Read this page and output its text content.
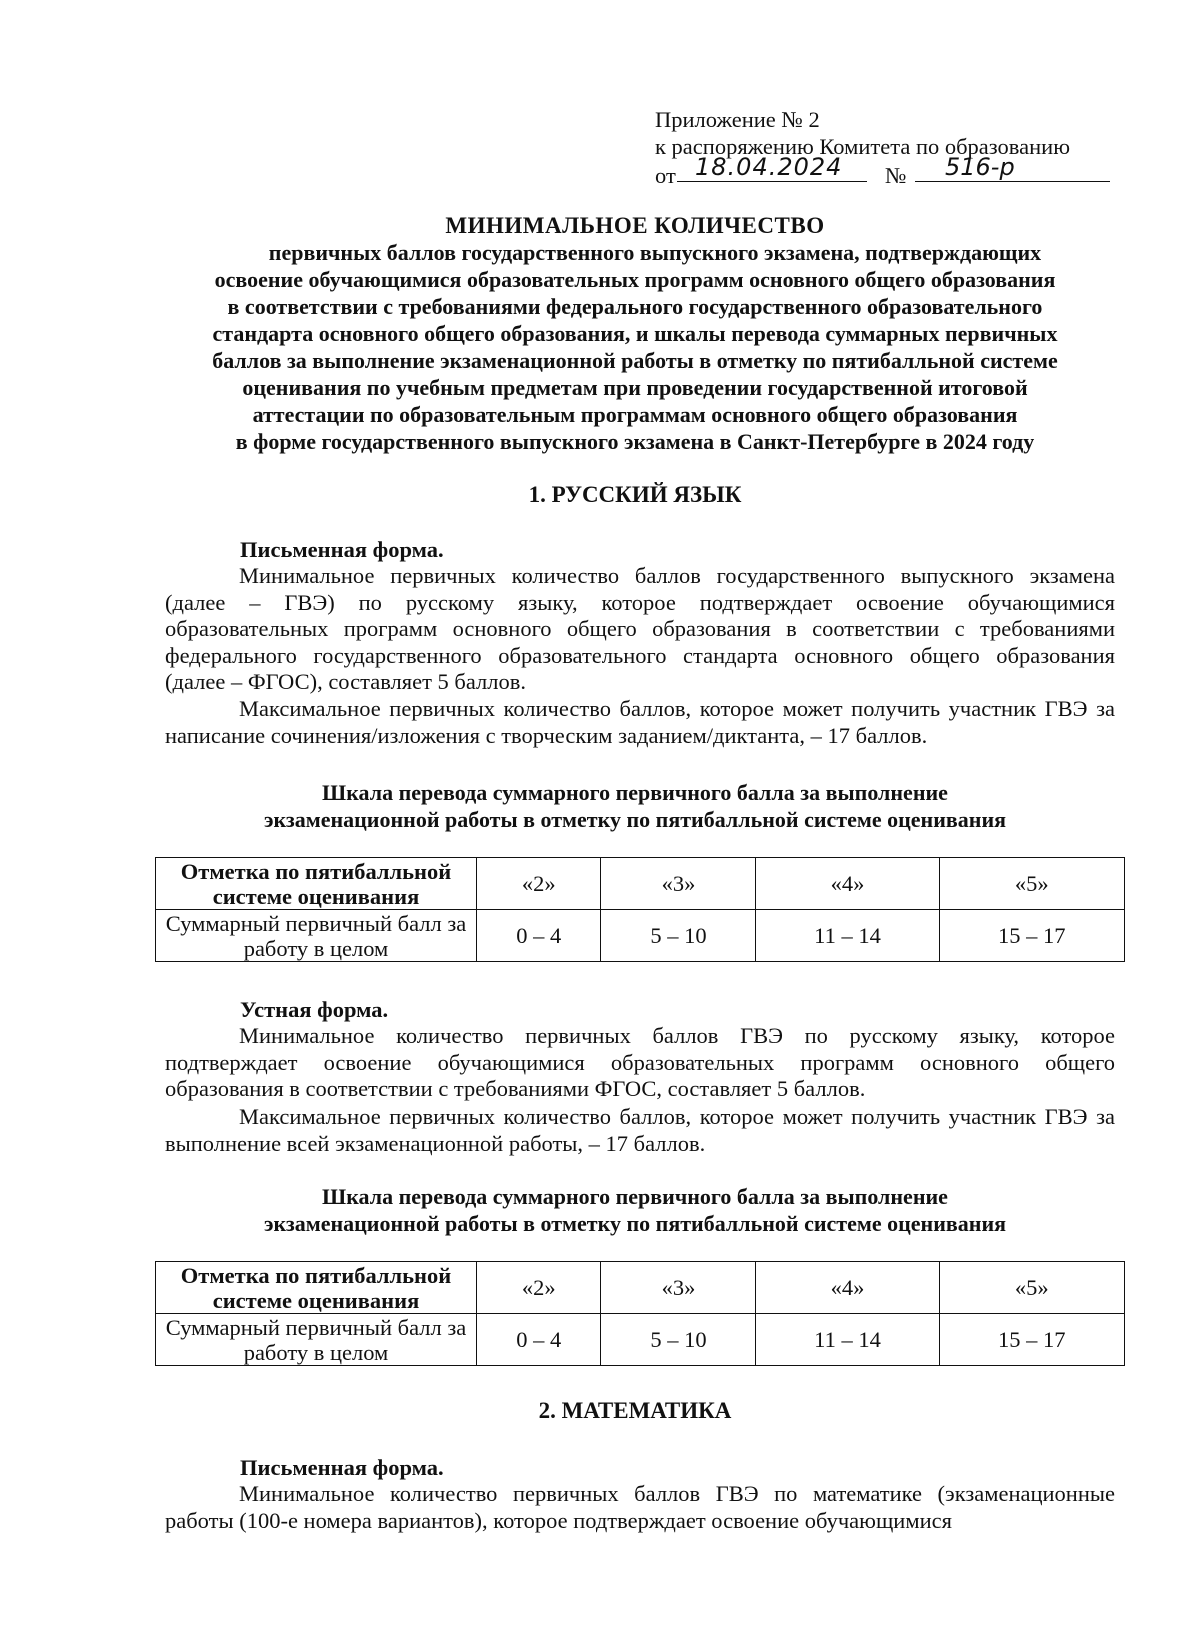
Приложение № 2
к распоряжению Комитета по образованию
от 18.04.2024	№	516-р
МИНИМАЛЬНОЕ КОЛИЧЕСТВО
первичных баллов государственного выпускного экзамена, подтверждающих
освоение обучающимися образовательных программ основного общего образования
в соответствии с требованиями федерального государственного образовательного
стандарта основного общего образования, и шкалы перевода суммарных первичных
баллов за выполнение экзаменационной работы в отметку по пятибалльной системе
оценивания по учебным предметам при проведении государственной итоговой
аттестации по образовательным программам основного общего образования
в форме государственного выпускного экзамена в Санкт-Петербурге в 2024 году
1. РУССКИЙ ЯЗЫК
Письменная форма.
Минимальное первичных количество баллов государственного выпускного экзамена (далее – ГВЭ) по русскому языку, которое подтверждает освоение обучающимися образовательных программ основного общего образования в соответствии с требованиями федерального государственного образовательного стандарта основного общего образования (далее – ФГОС), составляет 5 баллов.
Максимальное первичных количество баллов, которое может получить участник ГВЭ за написание сочинения/изложения с творческим заданием/диктанта, – 17 баллов.
Шкала перевода суммарного первичного балла за выполнение
экзаменационной работы в отметку по пятибалльной системе оценивания
Отметка по пятибалльной системе оценивания	«2»	«3»	«4»	«5»
Суммарный первичный балл за работу в целом	0 – 4	5 – 10	11 – 14	15 – 17
Устная форма.
Минимальное количество первичных баллов ГВЭ по русскому языку, которое подтверждает освоение обучающимися образовательных программ основного общего образования в соответствии с требованиями ФГОС, составляет 5 баллов.
Максимальное первичных количество баллов, которое может получить участник ГВЭ за выполнение всей экзаменационной работы, – 17 баллов.
Шкала перевода суммарного первичного балла за выполнение
экзаменационной работы в отметку по пятибалльной системе оценивания
Отметка по пятибалльной системе оценивания	«2»	«3»	«4»	«5»
Суммарный первичный балл за работу в целом	0 – 4	5 – 10	11 – 14	15 – 17
2. МАТЕМАТИКА
Письменная форма.
Минимальное количество первичных баллов ГВЭ по математике (экзаменационные работы (100-е номера вариантов), которое подтверждает освоение обучающимися
